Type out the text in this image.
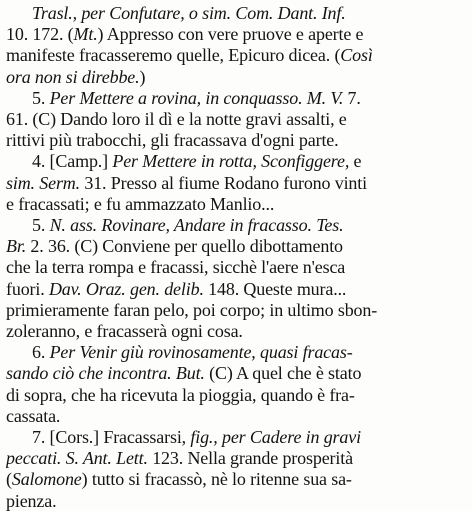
Trasl., per Confutare, o sim. Com. Dant. Inf.
10. 172. (Mt.) Appresso con vere pruove e aperte e
manifeste fracasseremo quelle, Epicuro dicea. (Così
ora non si direbbe.)
5. Per Mettere a rovina, in conquasso. M. V. 7.
61. (C) Dando loro il dì e la notte gravi assalti, e
rittivi più trabocchi, gli fracassava d'ogni parte.
4. [Camp.] Per Mettere in rotta, Sconfiggere, e
sim. Serm. 31. Presso al fiume Rodano furono vinti
e fracassati; e fu ammazzato Manlio...
5. N. ass. Rovinare, Andare in fracasso. Tes.
Br. 2. 36. (C) Conviene per quello dibottamento
che la terra rompa e fracassi, sicchè l'aere n'esca
fuori. Dav. Oraz. gen. delib. 148. Queste mura...
primieramente faran pelo, poi corpo; in ultimo sbon-
zoleranno, e fracasserà ogni cosa.
6. Per Venir giù rovinosamente, quasi fracas-
sando ciò che incontra. But. (C) A quel che è stato
di sopra, che ha ricevuta la pioggia, quando è fra-
cassata.
7. [Cors.] Fracassarsi, fig., per Cadere in gravi
peccati. S. Ant. Lett. 123. Nella grande prosperità
(Salomone) tutto si fracassò, nè lo ritenne sua sa-
pienza.
